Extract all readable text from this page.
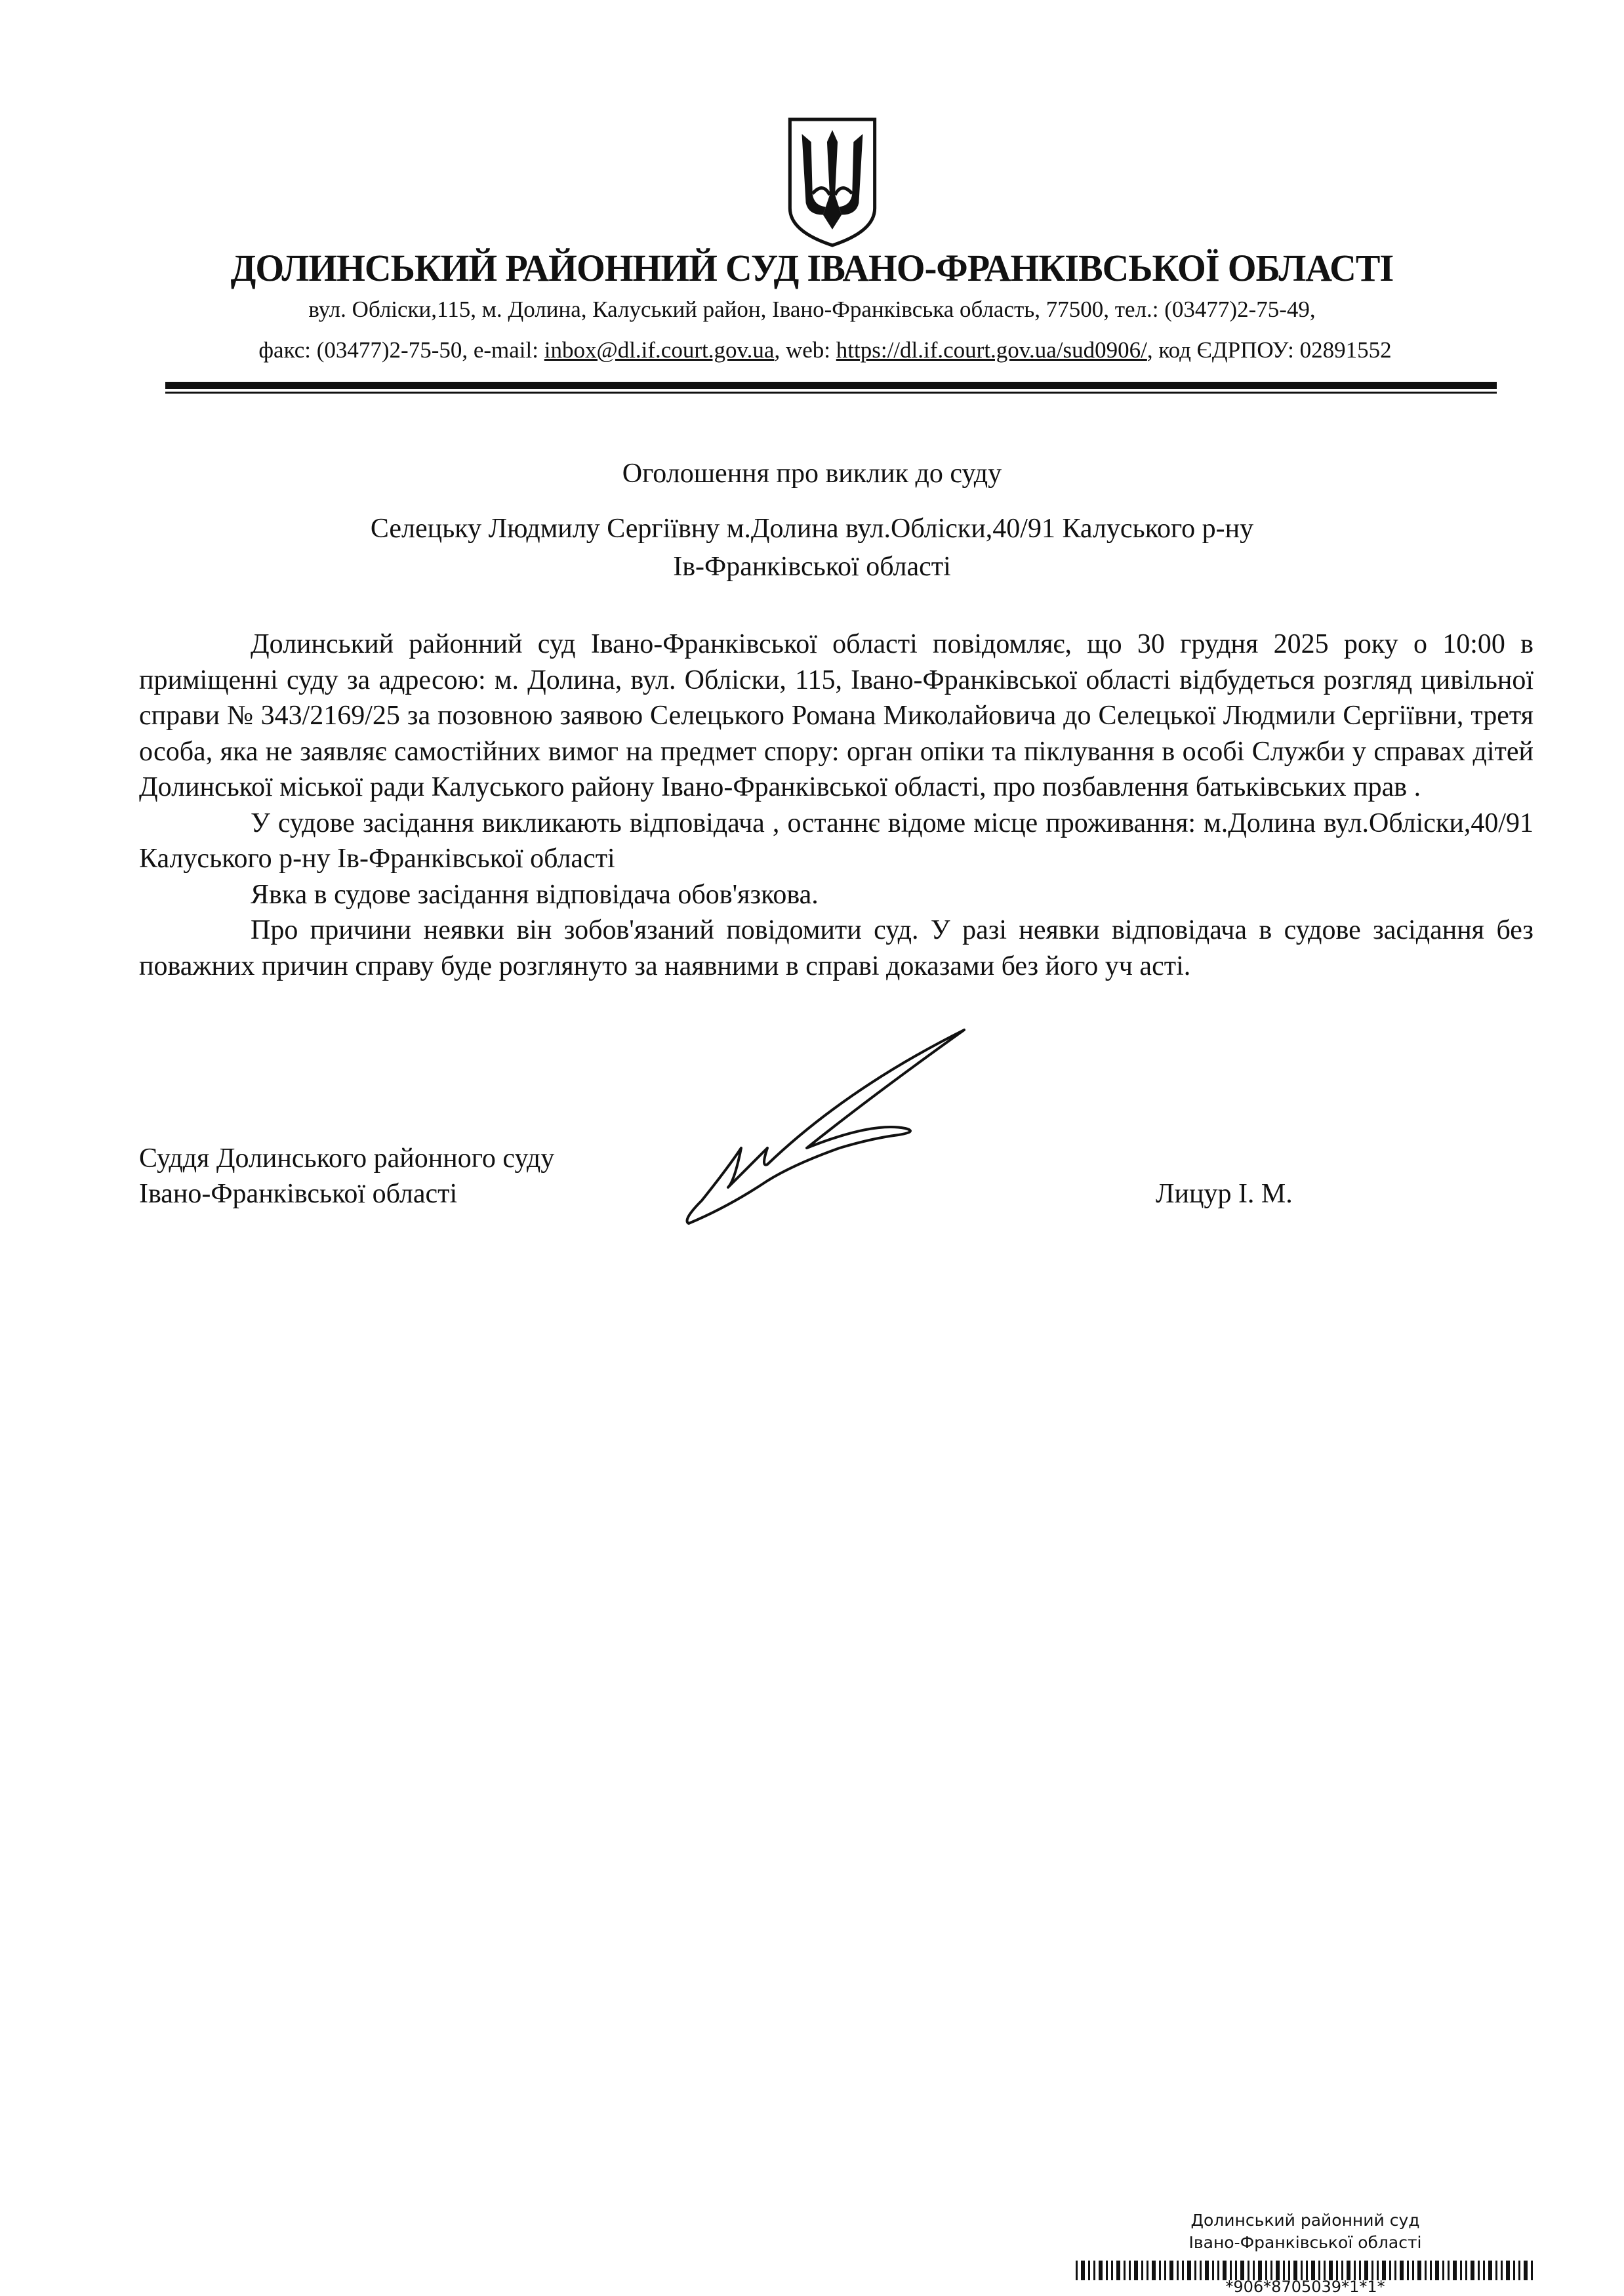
ДОЛИНСЬКИЙ РАЙОННИЙ СУД ІВАНО-ФРАНКІВСЬКОЇ ОБЛАСТІ
вул. Обліски,115, м. Долина, Калуський район, Івано-Франківська область, 77500, тел.: (03477)2-75-49,
факс: (03477)2-75-50, e-mail: inbox@dl.if.court.gov.ua, web: https://dl.if.court.gov.ua/sud0906/, код ЄДРПОУ: 02891552
Оголошення про виклик до суду
Селецьку Людмилу Сергіївну м.Долина вул.Обліски,40/91 Калуського р-ну
Ів-Франківської області

Долинський районний суд Івано-Франківської області повідомляє, що 30 грудня 2025 року о 10:00 в приміщенні суду за адресою: м. Долина, вул. Обліски, 115, Івано-Франківської області відбудеться розгляд цивільної справи № 343/2169/25 за позовною заявою Селецького Романа Миколайовича до Селецької Людмили Сергіївни, третя особа, яка не заявляє самостійних вимог на предмет спору: орган опіки та піклування в особі Служби у справах дітей Долинської міської ради Калуського району Івано-Франківської області, про позбавлення батьківських прав .

У судове засідання викликають відповідача , останнє відоме місце проживання: м.Долина вул.Обліски,40/91 Калуського р-ну Ів-Франківської області

Явка в судове засідання відповідача обов'язкова.

Про причини неявки він зобов'язаний повідомити суд. У разі неявки відповідача в судове засідання без поважних причин справу буде розглянуто за наявними в справі доказами без його уч асті.

Суддя Долинського районного суду
Івано-Франківської області	Лицур І. М.
Долинський районний суд
Івано-Франківської області
*906*8705039*1*1*
